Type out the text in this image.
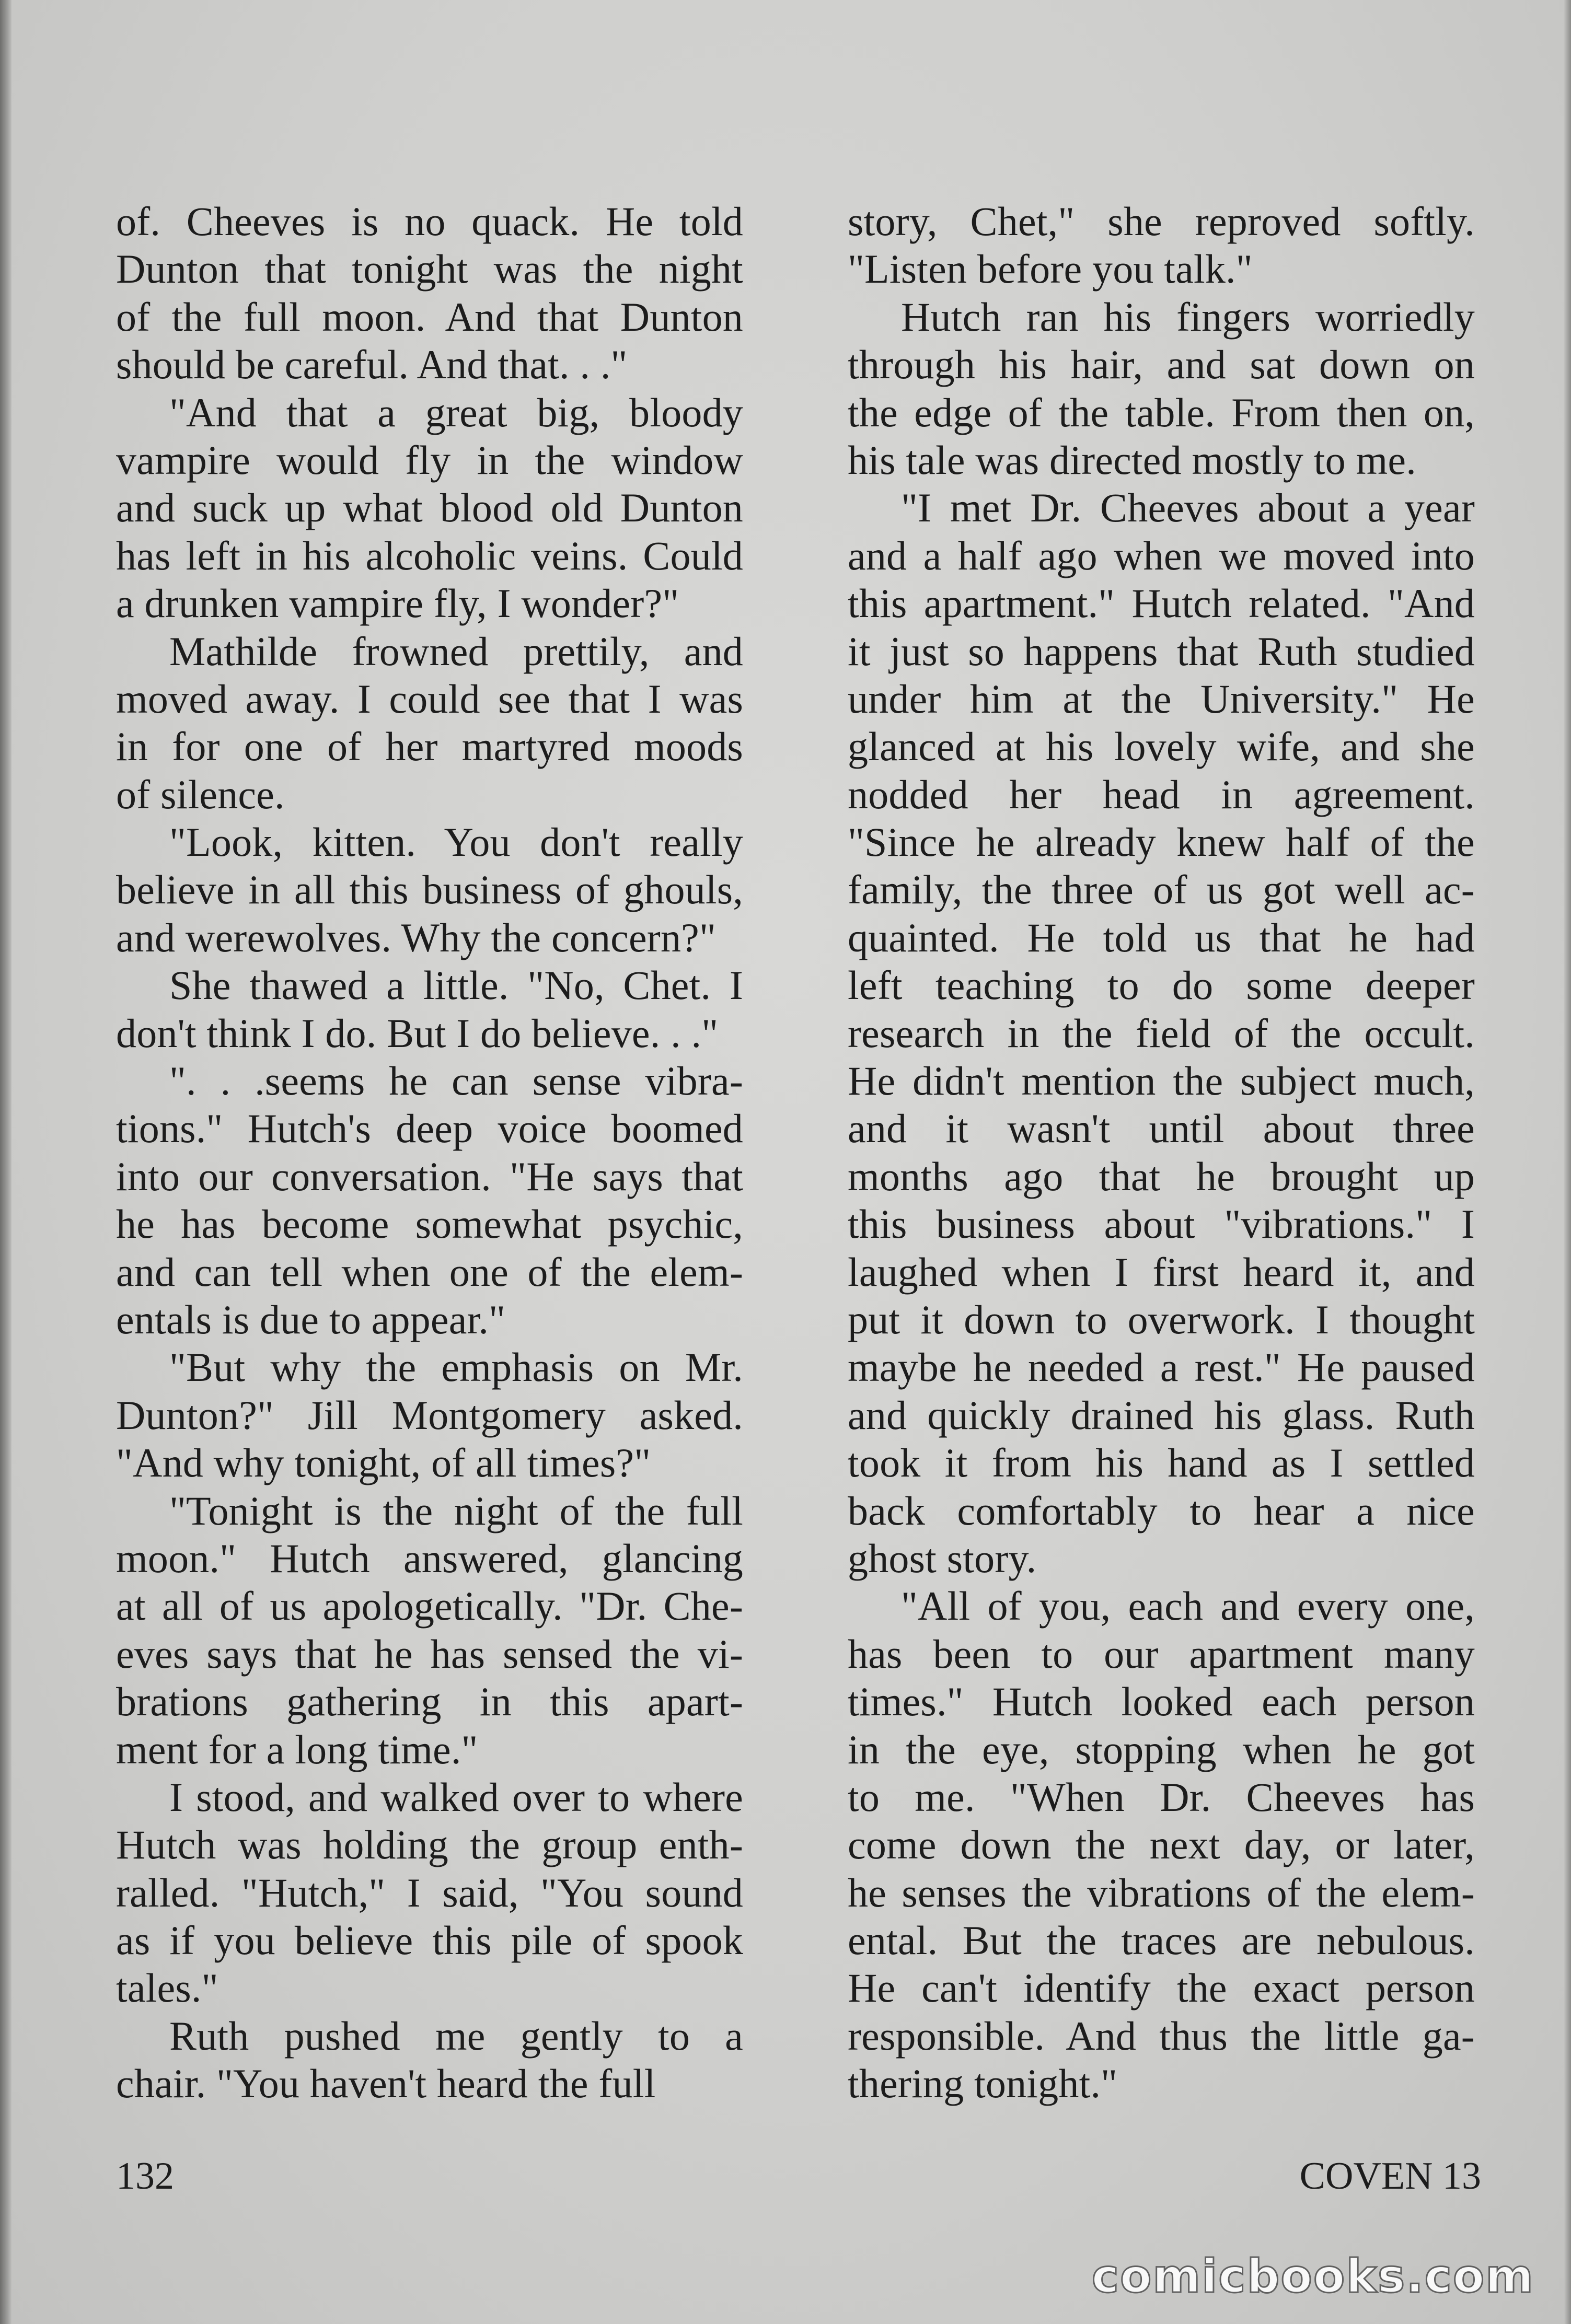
of. Cheeves is no quack. He told
Dunton that tonight was the night
of the full moon. And that Dunton
should be careful. And that. . ."
"And that a great big, bloody
vampire would fly in the window
and suck up what blood old Dunton
has left in his alcoholic veins. Could
a drunken vampire fly, I wonder?"
Mathilde frowned prettily, and
moved away. I could see that I was
in for one of her martyred moods
of silence.
"Look, kitten. You don't really
believe in all this business of ghouls,
and werewolves. Why the concern?"
She thawed a little. "No, Chet. I
don't think I do. But I do believe. . ."
". . .seems he can sense vibra-
tions." Hutch's deep voice boomed
into our conversation. "He says that
he has become somewhat psychic,
and can tell when one of the elem-
entals is due to appear."
"But why the emphasis on Mr.
Dunton?" Jill Montgomery asked.
"And why tonight, of all times?"
"Tonight is the night of the full
moon." Hutch answered, glancing
at all of us apologetically. "Dr. Che-
eves says that he has sensed the vi-
brations gathering in this apart-
ment for a long time."
I stood, and walked over to where
Hutch was holding the group enth-
ralled. "Hutch," I said, "You sound
as if you believe this pile of spook
tales."
Ruth pushed me gently to a
chair. "You haven't heard the full
story, Chet," she reproved softly.
"Listen before you talk."
Hutch ran his fingers worriedly
through his hair, and sat down on
the edge of the table. From then on,
his tale was directed mostly to me.
"I met Dr. Cheeves about a year
and a half ago when we moved into
this apartment." Hutch related. "And
it just so happens that Ruth studied
under him at the University." He
glanced at his lovely wife, and she
nodded her head in agreement.
"Since he already knew half of the
family, the three of us got well ac-
quainted. He told us that he had
left teaching to do some deeper
research in the field of the occult.
He didn't mention the subject much,
and it wasn't until about three
months ago that he brought up
this business about "vibrations." I
laughed when I first heard it, and
put it down to overwork. I thought
maybe he needed a rest." He paused
and quickly drained his glass. Ruth
took it from his hand as I settled
back comfortably to hear a nice
ghost story.
"All of you, each and every one,
has been to our apartment many
times." Hutch looked each person
in the eye, stopping when he got
to me. "When Dr. Cheeves has
come down the next day, or later,
he senses the vibrations of the elem-
ental. But the traces are nebulous.
He can't identify the exact person
responsible. And thus the little ga-
thering tonight."
132	COVEN 13
comicbooks.com
